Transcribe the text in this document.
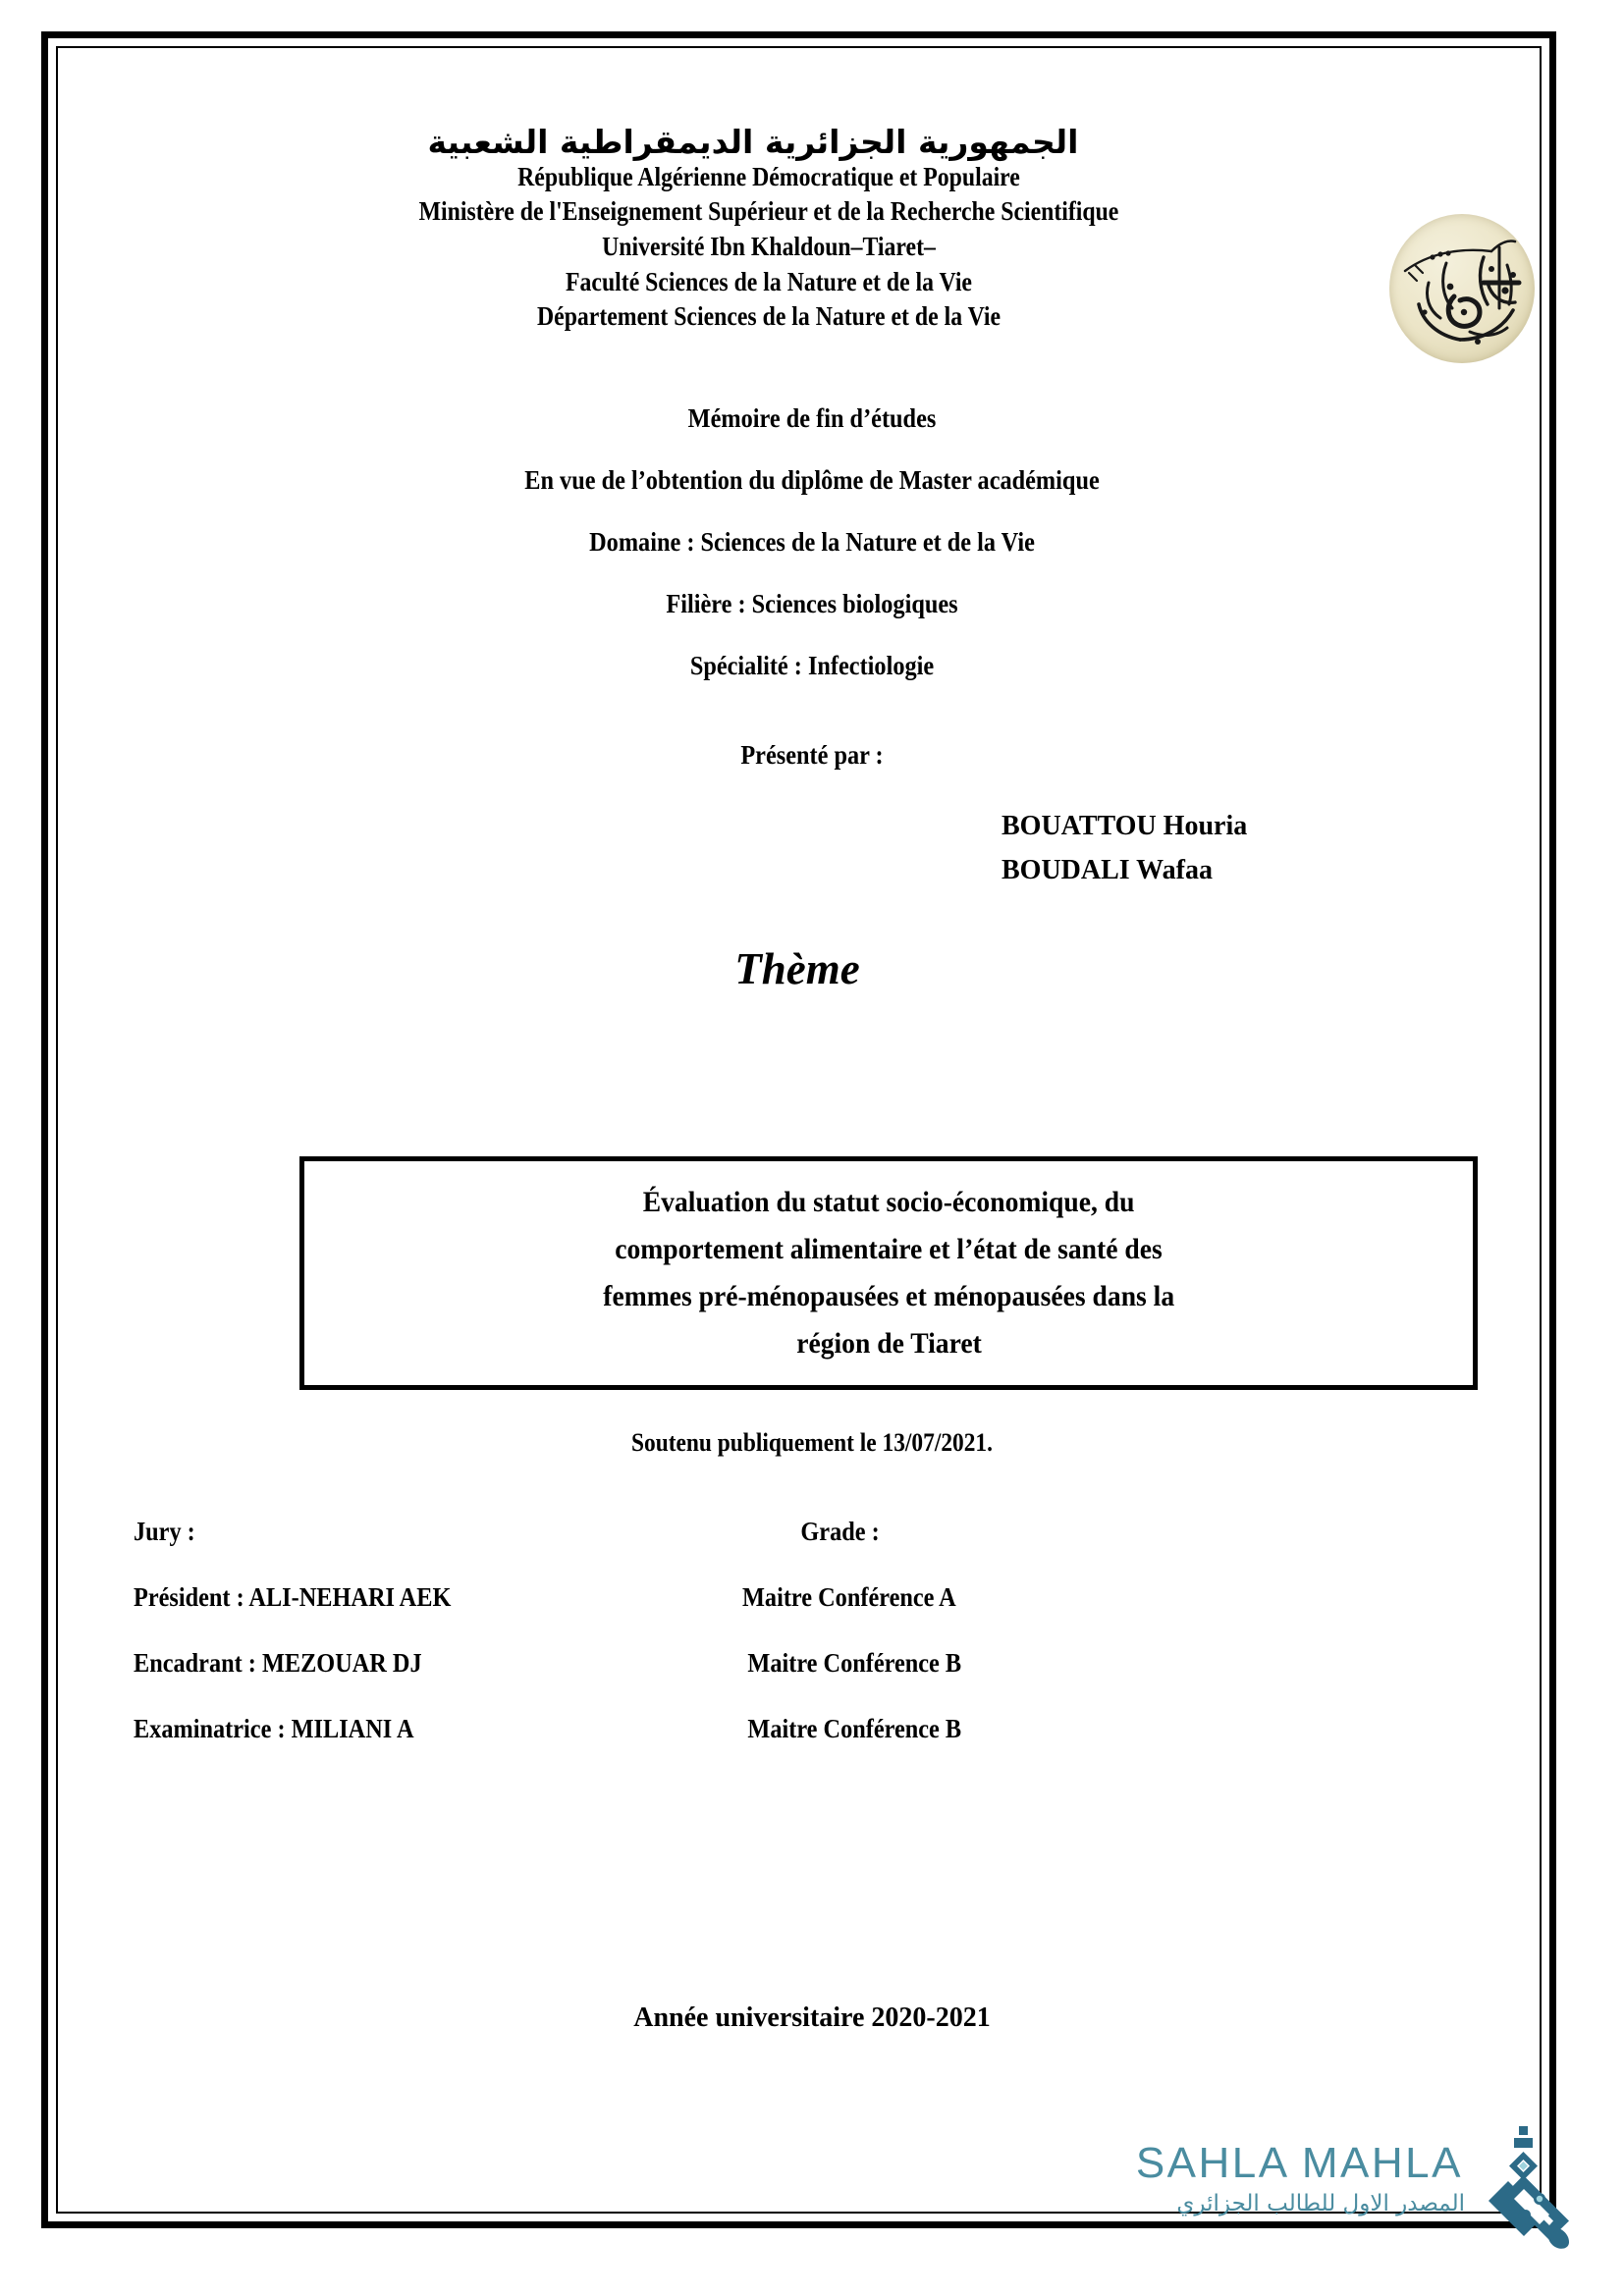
الجمهورية الجزائرية الديمقراطية الشعبية
République Algérienne Démocratique et Populaire
Ministère de l'Enseignement Supérieur et de la Recherche Scientifique
Université Ibn Khaldoun–Tiaret–
Faculté Sciences de la Nature et de la Vie
Département Sciences de la Nature et de la Vie
Mémoire de fin d’études
En vue de l’obtention du diplôme de Master académique
Domaine : Sciences de la Nature et de la Vie
Filière : Sciences biologiques
Spécialité : Infectiologie
Présenté par :
BOUATTOU Houria
BOUDALI Wafaa
Thème
Évaluation du statut socio-économique, du
comportement alimentaire et l’état de santé des
femmes pré-ménopausées et ménopausées dans la
région de Tiaret
Soutenu publiquement le 13/07/2021.
Jury :	Grade :
Président : ALI-NEHARI AEK	Maitre Conférence A
Encadrant : MEZOUAR DJ	Maitre Conférence B
Examinatrice : MILIANI A	Maitre Conférence B
Année universitaire 2020-2021
SAHLA MAHLA
المصدر الاول للطالب الجزائري
